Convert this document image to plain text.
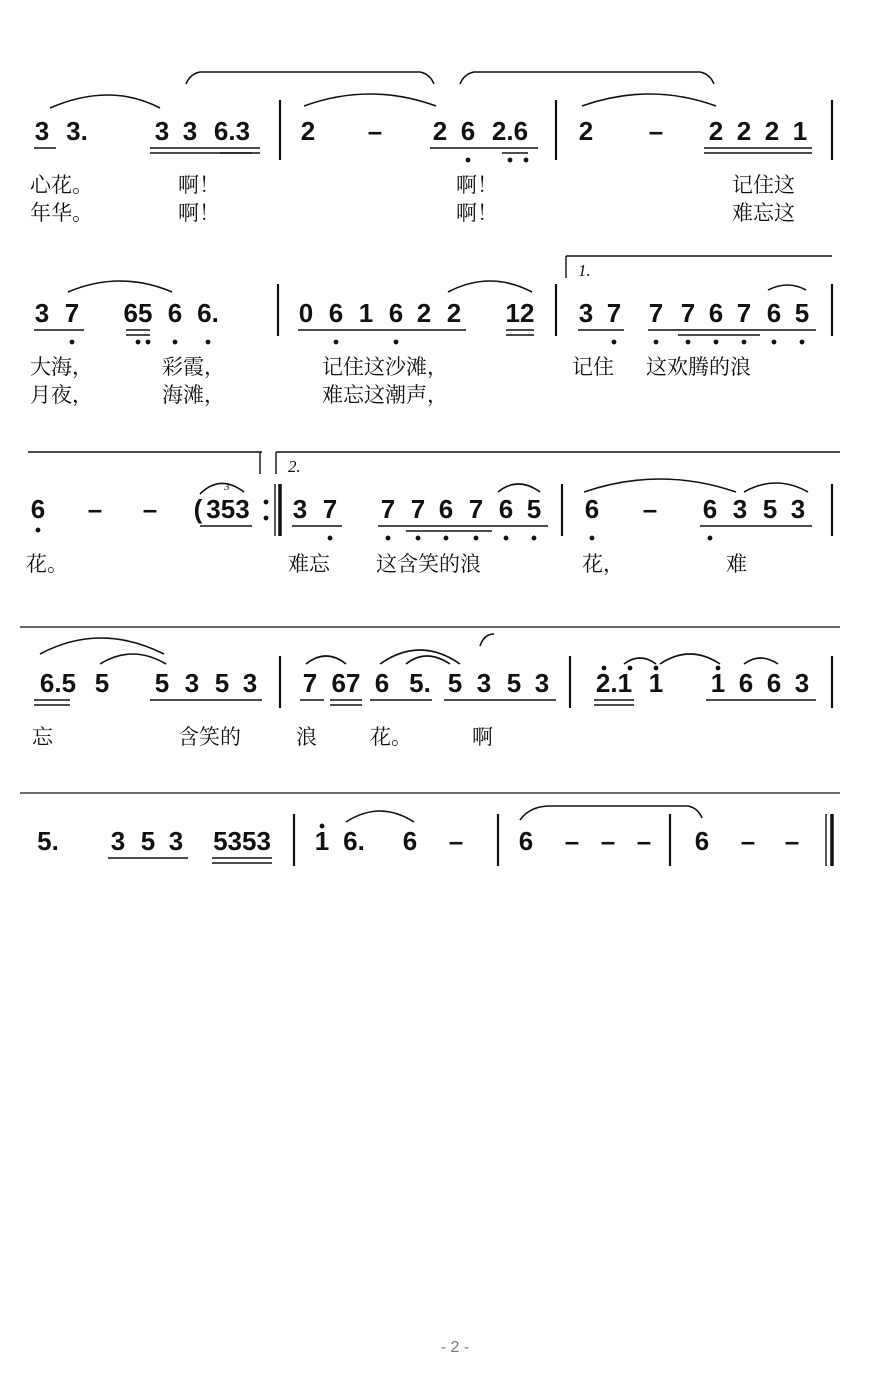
3 3.	3 3 6.3 2 – 2 6 2.6 2 – 2 2 2 1
3 7 65 6 6.	0 6 1 6 2 2 12 3 7 7 7 6 7 6 5
6 – – ( 353 3 7 7 7 6 7 6 5 6 – 6 3 5 3
6.5 5 5 3 5 3 7 67 6 5. 5 3 5 3 2.1 1 1 6 6 3
5. 3 5 3 5353 1 6. 6 – 6 – – – 6 – –
心花。	啊！	啊！	记住这
年华。	啊！	啊！	难忘这
大海，	彩霞，	记住这沙滩，	记住 这欢腾的浪
月夜，	海滩，	难忘这潮声，
花。	难忘 这含笑的浪	花，	难
忘	含笑的	浪	花。	啊
1.
2.
3
- 2 -
